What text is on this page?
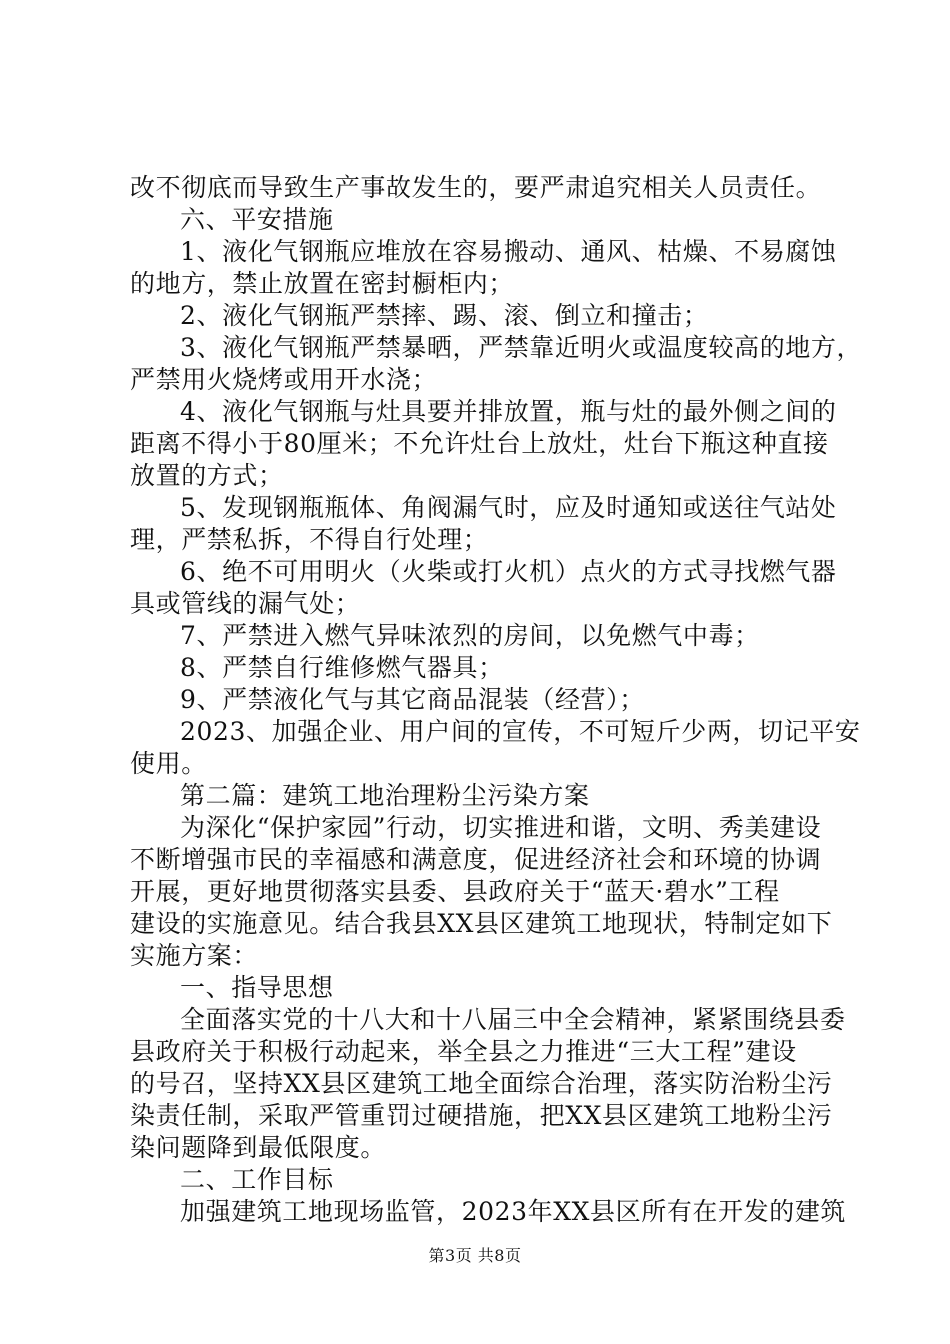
改不彻底而导致生产事故发生的，要严肃追究相关人员责任。
六、平安措施
1、液化气钢瓶应堆放在容易搬动、通风、枯燥、不易腐蚀
的地方，禁止放置在密封橱柜内；
2、液化气钢瓶严禁摔、踢、滚、倒立和撞击；
3、液化气钢瓶严禁暴晒，严禁靠近明火或温度较高的地方，
严禁用火烧烤或用开水浇；
4、液化气钢瓶与灶具要并排放置，瓶与灶的最外侧之间的
距离不得小于80厘米；不允许灶台上放灶，灶台下瓶这种直接
放置的方式；
5、发现钢瓶瓶体、角阀漏气时，应及时通知或送往气站处
理，严禁私拆，不得自行处理；
6、绝不可用明火（火柴或打火机）点火的方式寻找燃气器
具或管线的漏气处；
7、严禁进入燃气异味浓烈的房间，以免燃气中毒；
8、严禁自行维修燃气器具；
9、严禁液化气与其它商品混装（经营）；
2023、加强企业、用户间的宣传，不可短斤少两，切记平安
使用。
第二篇：建筑工地治理粉尘污染方案
为深化“保护家园”行动，切实推进和谐，文明、秀美建设
不断增强市民的幸福感和满意度，促进经济社会和环境的协调
开展，更好地贯彻落实县委、县政府关于“蓝天·碧水”工程
建设的实施意见。结合我县XX县区建筑工地现状，特制定如下
实施方案：
一、指导思想
全面落实党的十八大和十八届三中全会精神，紧紧围绕县委
县政府关于积极行动起来，举全县之力推进“三大工程”建设
的号召，坚持XX县区建筑工地全面综合治理，落实防治粉尘污
染责任制，采取严管重罚过硬措施，把XX县区建筑工地粉尘污
染问题降到最低限度。
二、工作目标
加强建筑工地现场监管，2023年XX县区所有在开发的建筑
第3页 共8页
